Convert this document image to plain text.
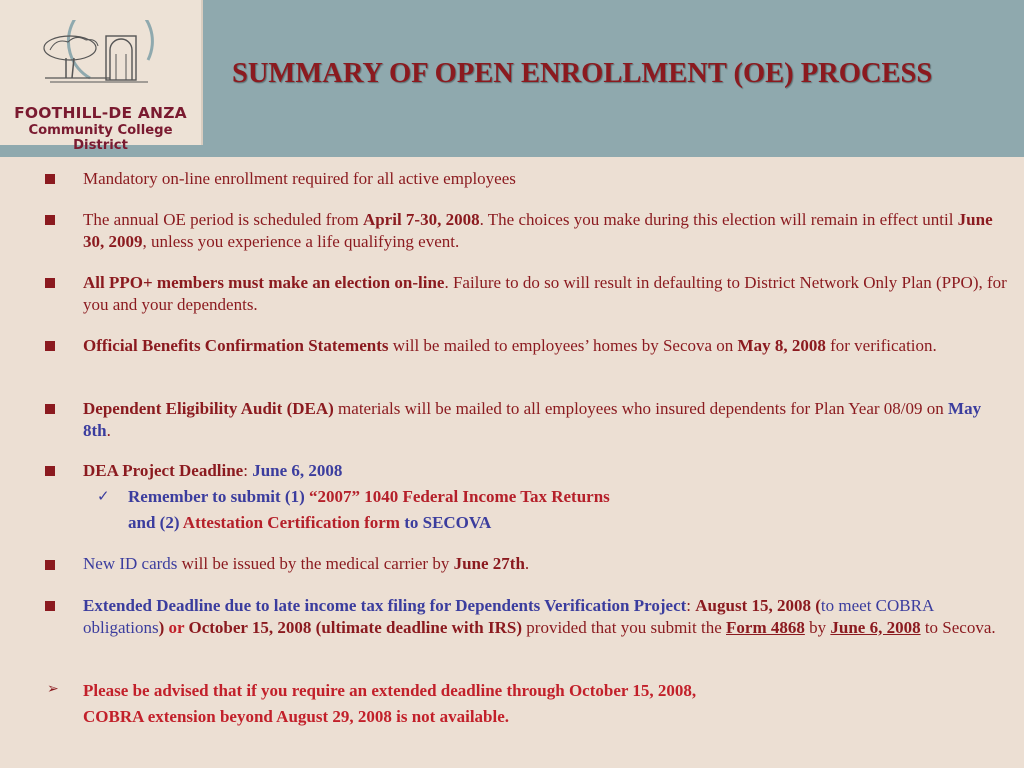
FOOTHILL-DE ANZA
Community College District
SUMMARY OF OPEN ENROLLMENT (OE) PROCESS
Mandatory on-line enrollment required for all active employees
The annual OE period is scheduled from April 7-30, 2008. The choices you make during this election will remain in effect until June 30, 2009, unless you experience a life qualifying event.
All PPO+ members must make an election on-line. Failure to do so will result in defaulting to District Network Only Plan (PPO), for you and your dependents.
Official Benefits Confirmation Statements will be mailed to employees’ homes by Secova on May 8, 2008 for verification.
Dependent Eligibility Audit (DEA) materials will be mailed to all employees who insured dependents for Plan Year 08/09 on May 8th.
DEA Project Deadline: June 6, 2008
✓ Remember to submit (1) “2007” 1040 Federal Income Tax Returns
and (2) Attestation Certification form to SECOVA
New ID cards will be issued by the medical carrier by June 27th.
Extended Deadline due to late income tax filing for Dependents Verification Project: August 15, 2008 (to meet COBRA obligations) or October 15, 2008 (ultimate deadline with IRS) provided that you submit the Form 4868 by June 6, 2008 to Secova.
➢ Please be advised that if you require an extended deadline through October 15, 2008,
COBRA extension beyond August 29, 2008 is not available.
